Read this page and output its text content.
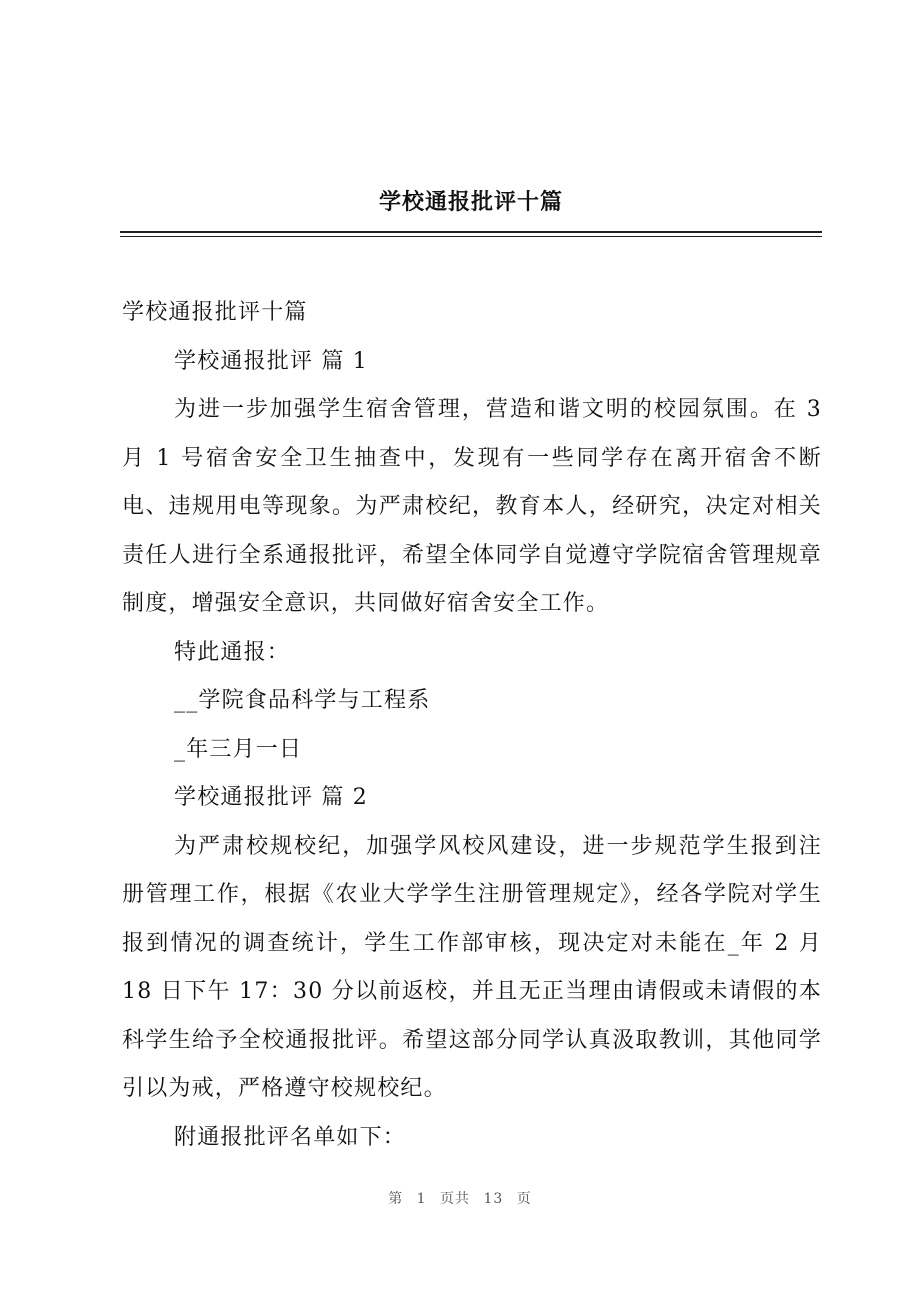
学校通报批评十篇

学校通报批评十篇

学校通报批评 篇 1

为进一步加强学生宿舍管理，营造和谐文明的校园氛围。在 3 月 1 号宿舍安全卫生抽查中，发现有一些同学存在离开宿舍不断电、违规用电等现象。为严肃校纪，教育本人，经研究，决定对相关责任人进行全系通报批评，希望全体同学自觉遵守学院宿舍管理规章制度，增强安全意识，共同做好宿舍安全工作。

特此通报：

__学院食品科学与工程系

_年三月一日

学校通报批评 篇 2

为严肃校规校纪，加强学风校风建设，进一步规范学生报到注册管理工作，根据《农业大学学生注册管理规定》，经各学院对学生报到情况的调查统计，学生工作部审核，现决定对未能在_年 2 月 18 日下午 17：30 分以前返校，并且无正当理由请假或未请假的本科学生给予全校通报批评。希望这部分同学认真汲取教训，其他同学引以为戒，严格遵守校规校纪。

附通报批评名单如下：

第 1 页共 13 页
